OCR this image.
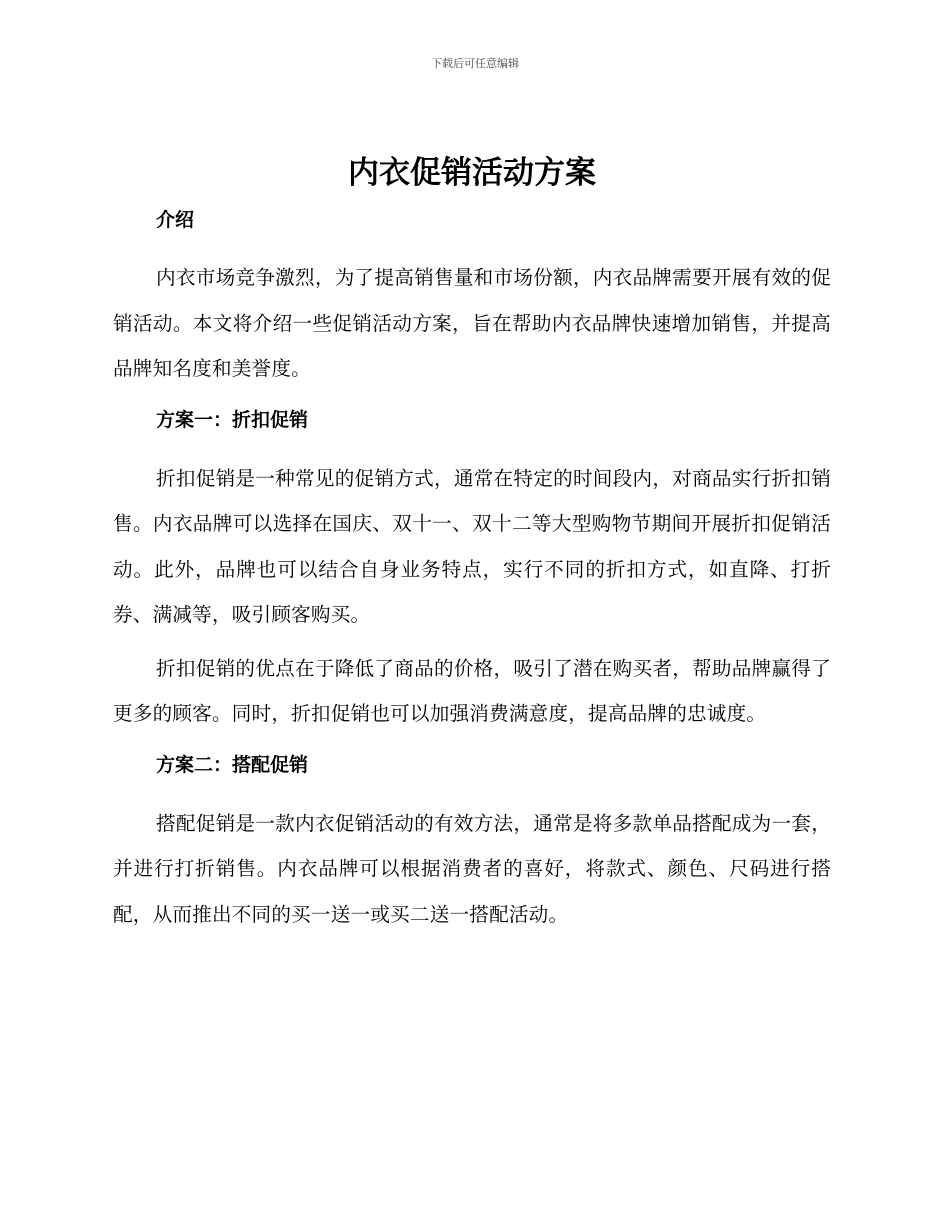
下载后可任意编辑
内衣促销活动方案
介绍

内衣市场竞争激烈，为了提高销售量和市场份额，内衣品牌需要开展有效的促销活动。本文将介绍一些促销活动方案，旨在帮助内衣品牌快速增加销售，并提高品牌知名度和美誉度。

方案一：折扣促销

折扣促销是一种常见的促销方式，通常在特定的时间段内，对商品实行折扣销售。内衣品牌可以选择在国庆、双十一、双十二等大型购物节期间开展折扣促销活动。此外，品牌也可以结合自身业务特点，实行不同的折扣方式，如直降、打折券、满减等，吸引顾客购买。

折扣促销的优点在于降低了商品的价格，吸引了潜在购买者，帮助品牌赢得了更多的顾客。同时，折扣促销也可以加强消费满意度，提高品牌的忠诚度。

方案二：搭配促销

搭配促销是一款内衣促销活动的有效方法，通常是将多款单品搭配成为一套，并进行打折销售。内衣品牌可以根据消费者的喜好，将款式、颜色、尺码进行搭配，从而推出不同的买一送一或买二送一搭配活动。
